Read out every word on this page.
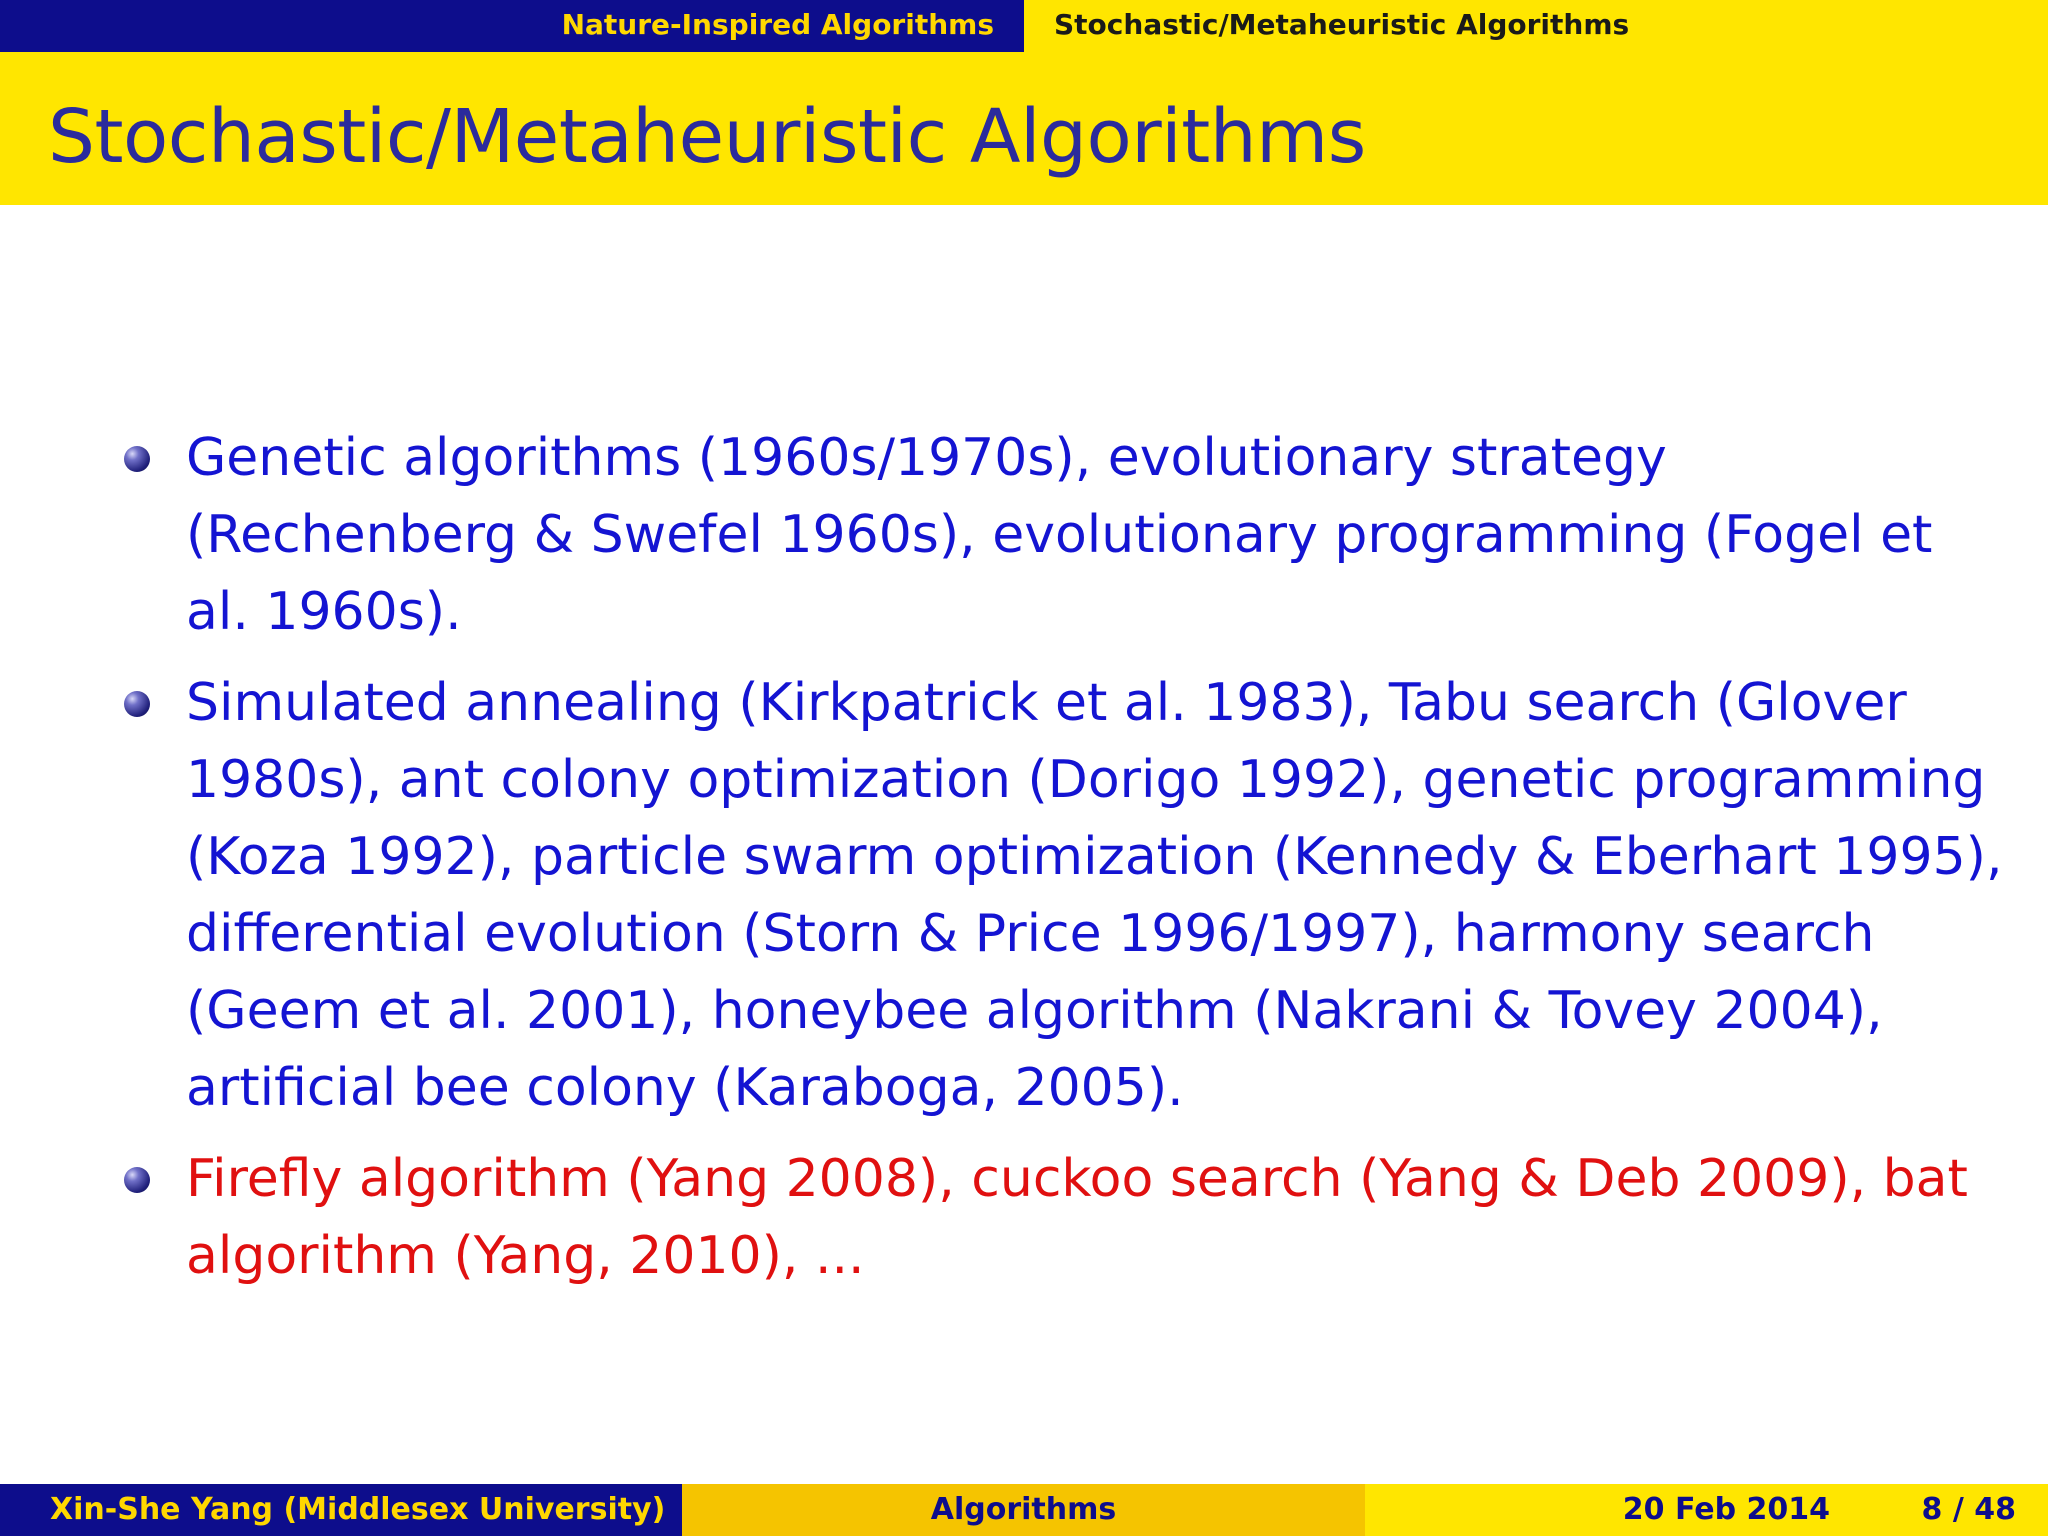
Nature-Inspired Algorithms Stochastic/Metaheuristic Algorithms
Stochastic/Metaheuristic Algorithms
Genetic algorithms (1960s/1970s), evolutionary strategy (Rechenberg & Swefel 1960s), evolutionary programming (Fogel et al. 1960s).
Simulated annealing (Kirkpatrick et al. 1983), Tabu search (Glover 1980s), ant colony optimization (Dorigo 1992), genetic programming (Koza 1992), particle swarm optimization (Kennedy & Eberhart 1995), differential evolution (Storn & Price 1996/1997), harmony search (Geem et al. 2001), honeybee algorithm (Nakrani & Tovey 2004), artificial bee colony (Karaboga, 2005).
Firefly algorithm (Yang 2008), cuckoo search (Yang & Deb 2009), bat algorithm (Yang, 2010), ...
Xin-She Yang (Middlesex University)	Algorithms	20 Feb 2014	8 / 48
